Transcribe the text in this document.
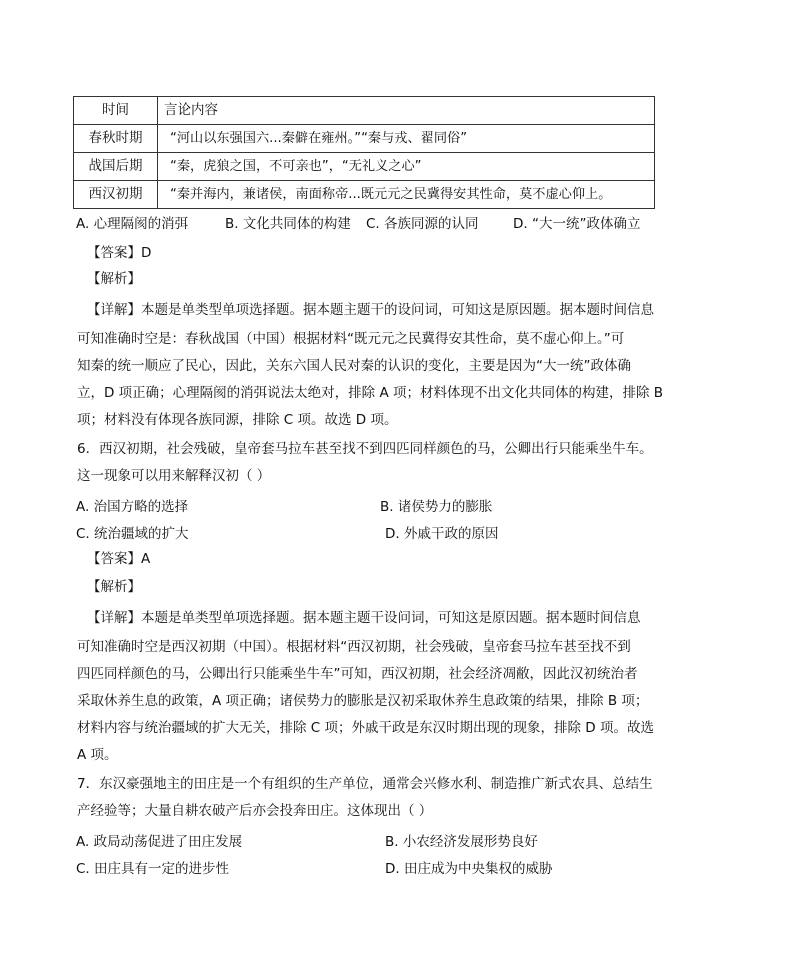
时间	言论内容
春秋时期	“河山以东强国六...秦僻在雍州。”“秦与戎、翟同俗”
战国后期	“秦，虎狼之国，不可亲也”，“无礼义之心”
西汉初期	“秦并海内，兼诸侯，南面称帝...既元元之民冀得安其性命，莫不虚心仰上。
A. 心理隔阂的消弭	B. 文化共同体的构建 C. 各族同源的认同	D. “大一统”政体确立
【答案】D
【解析】
【详解】本题是单类型单项选择题。据本题主题干的设问词，可知这是原因题。据本题时间信息
可知准确时空是：春秋战国（中国）根据材料“既元元之民冀得安其性命，莫不虚心仰上。”可
知秦的统一顺应了民心，因此，关东六国人民对秦的认识的变化，主要是因为“大一统”政体确
立，D 项正确；心理隔阂的消弭说法太绝对，排除 A 项；材料体现不出文化共同体的构建，排除 B
项；材料没有体现各族同源，排除 C 项。故选 D 项。
6．西汉初期，社会残破，皇帝套马拉车甚至找不到四匹同样颜色的马，公卿出行只能乘坐牛车。
这一现象可以用来解释汉初（ ）
A. 治国方略的选择	B. 诸侯势力的膨胀
C. 统治疆域的扩大	D. 外戚干政的原因
【答案】A
【解析】
【详解】本题是单类型单项选择题。据本题主题干设问词，可知这是原因题。据本题时间信息
可知准确时空是西汉初期（中国）。根据材料“西汉初期，社会残破，皇帝套马拉车甚至找不到
四匹同样颜色的马，公卿出行只能乘坐牛车”可知，西汉初期，社会经济凋敝，因此汉初统治者
采取休养生息的政策，A 项正确；诸侯势力的膨胀是汉初采取休养生息政策的结果，排除 B 项；
材料内容与统治疆域的扩大无关，排除 C 项；外戚干政是东汉时期出现的现象，排除 D 项。故选
A 项。
7．东汉豪强地主的田庄是一个有组织的生产单位，通常会兴修水利、制造推广新式农具、总结生
产经验等；大量自耕农破产后亦会投奔田庄。这体现出（ ）
A. 政局动荡促进了田庄发展	B. 小农经济发展形势良好
C. 田庄具有一定的进步性	D. 田庄成为中央集权的威胁
